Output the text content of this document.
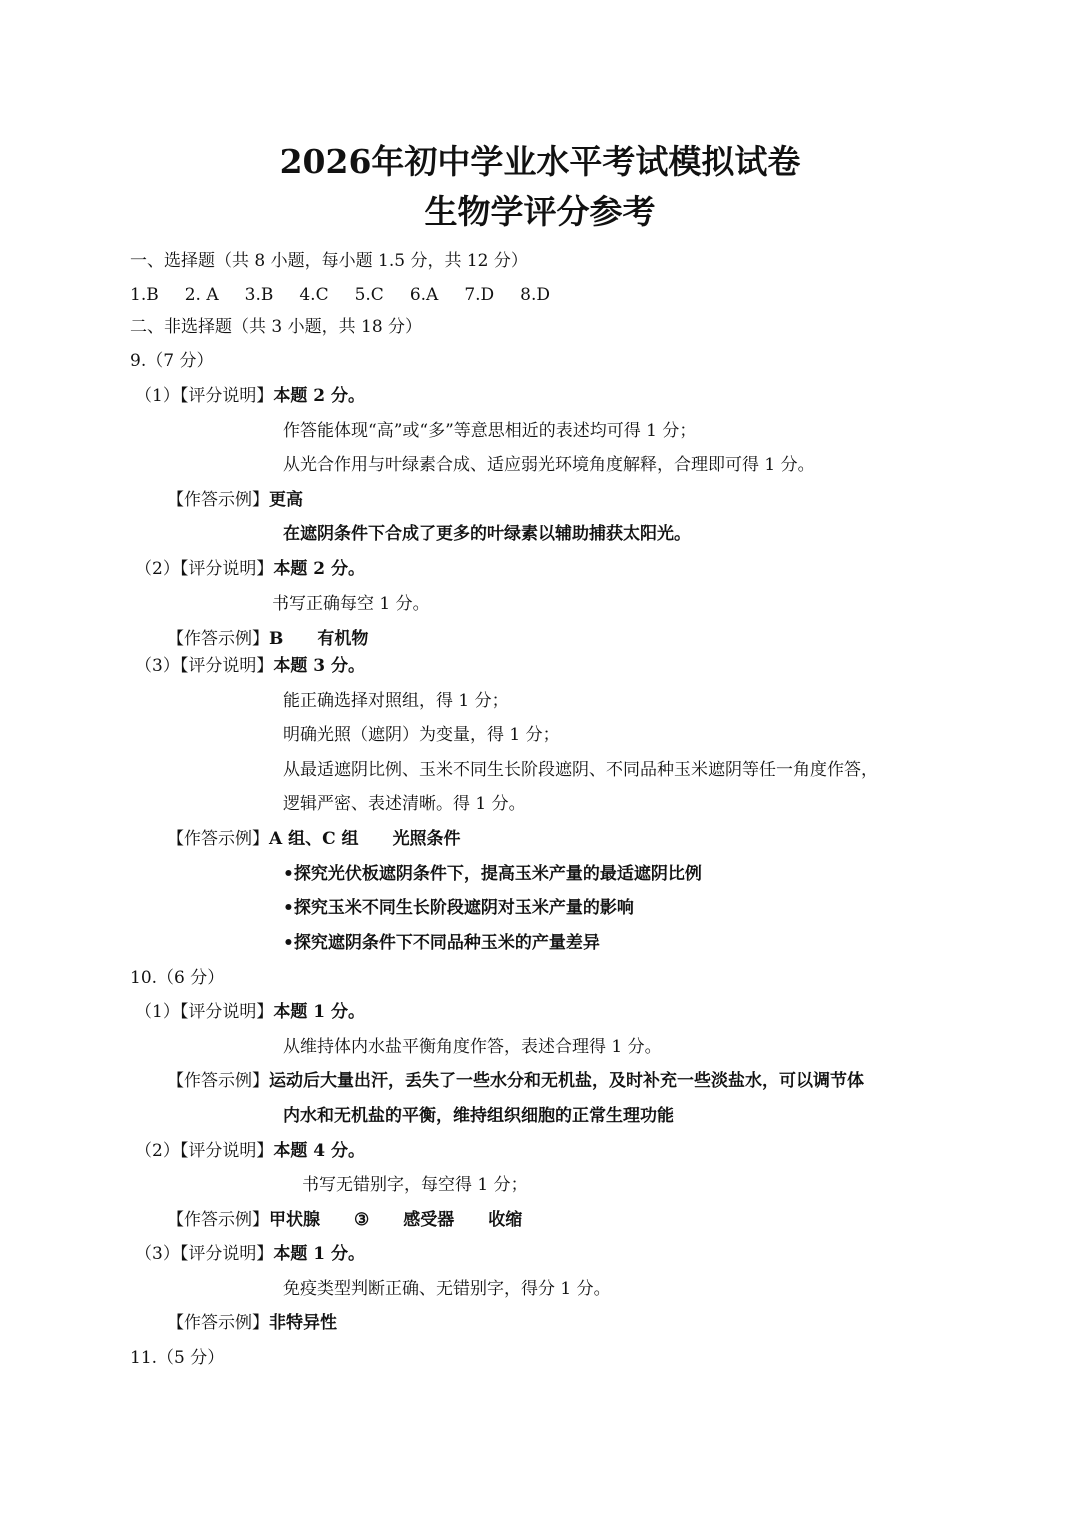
2026年初中学业水平考试模拟试卷
生物学评分参考
一、选择题（共 8 小题，每小题 1.5 分，共 12 分）
1.B 2. A 3.B 4.C 5.C 6.A 7.D 8.D
二、非选择题（共 3 小题，共 18 分）
9.（7 分）
（1）【评分说明】本题 2 分。
作答能体现“高”或“多”等意思相近的表述均可得 1 分；
从光合作用与叶绿素合成、适应弱光环境角度解释，合理即可得 1 分。
【作答示例】更高
在遮阴条件下合成了更多的叶绿素以辅助捕获太阳光。
（2）【评分说明】本题 2 分。
书写正确每空 1 分。
【作答示例】B 有机物
（3）【评分说明】本题 3 分。
能正确选择对照组，得 1 分；
明确光照（遮阴）为变量，得 1 分；
从最适遮阴比例、玉米不同生长阶段遮阴、不同品种玉米遮阴等任一角度作答，
逻辑严密、表述清晰。得 1 分。
【作答示例】A 组、C 组 光照条件
•探究光伏板遮阴条件下，提高玉米产量的最适遮阴比例
•探究玉米不同生长阶段遮阴对玉米产量的影响
•探究遮阴条件下不同品种玉米的产量差异
10.（6 分）
（1）【评分说明】本题 1 分。
从维持体内水盐平衡角度作答，表述合理得 1 分。
【作答示例】运动后大量出汗，丢失了一些水分和无机盐，及时补充一些淡盐水，可以调节体
内水和无机盐的平衡，维持组织细胞的正常生理功能
（2）【评分说明】本题 4 分。
书写无错别字，每空得 1 分；
【作答示例】甲状腺 ③ 感受器 收缩
（3）【评分说明】本题 1 分。
免疫类型判断正确、无错别字，得分 1 分。
【作答示例】非特异性
11.（5 分）
